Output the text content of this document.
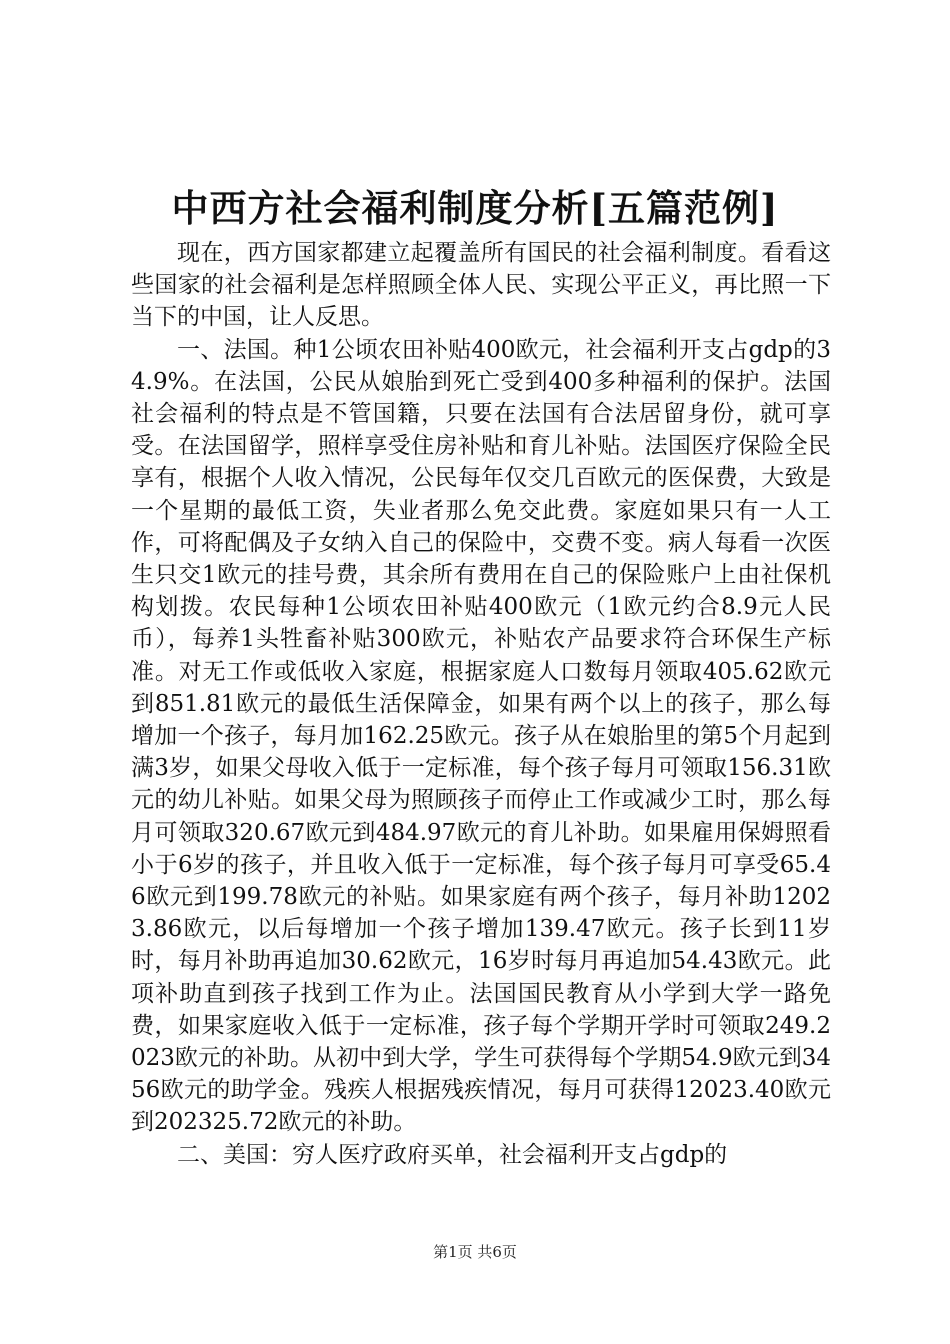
中西方社会福利制度分析[五篇范例]

现在，西方国家都建立起覆盖所有国民的社会福利制度。看看这些国家的社会福利是怎样照顾全体人民、实现公平正义，再比照一下当下的中国，让人反思。

一、法国。种1公顷农田补贴400欧元，社会福利开支占gdp的34.9%。在法国，公民从娘胎到死亡受到400多种福利的保护。法国社会福利的特点是不管国籍，只要在法国有合法居留身份，就可享受。在法国留学，照样享受住房补贴和育儿补贴。法国医疗保险全民享有，根据个人收入情况，公民每年仅交几百欧元的医保费，大致是一个星期的最低工资，失业者那么免交此费。家庭如果只有一人工作，可将配偶及子女纳入自己的保险中，交费不变。病人每看一次医生只交1欧元的挂号费，其余所有费用在自己的保险账户上由社保机构划拨。农民每种1公顷农田补贴400欧元（1欧元约合8.9元人民币），每养1头牲畜补贴300欧元，补贴农产品要求符合环保生产标准。对无工作或低收入家庭，根据家庭人口数每月领取405.62欧元到851.81欧元的最低生活保障金，如果有两个以上的孩子，那么每增加一个孩子，每月加162.25欧元。孩子从在娘胎里的第5个月起到满3岁，如果父母收入低于一定标准，每个孩子每月可领取156.31欧元的幼儿补贴。如果父母为照顾孩子而停止工作或减少工时，那么每月可领取320.67欧元到484.97欧元的育儿补助。如果雇用保姆照看小于6岁的孩子，并且收入低于一定标准，每个孩子每月可享受65.46欧元到199.78欧元的补贴。如果家庭有两个孩子，每月补助12023.86欧元，以后每增加一个孩子增加139.47欧元。孩子长到11岁时，每月补助再追加30.62欧元，16岁时每月再追加54.43欧元。此项补助直到孩子找到工作为止。法国国民教育从小学到大学一路免费，如果家庭收入低于一定标准，孩子每个学期开学时可领取249.2023欧元的补助。从初中到大学，学生可获得每个学期54.9欧元到3456欧元的助学金。残疾人根据残疾情况，每月可获得12023.40欧元到202325.72欧元的补助。

二、美国：穷人医疗政府买单，社会福利开支占gdp的

第1页 共6页
